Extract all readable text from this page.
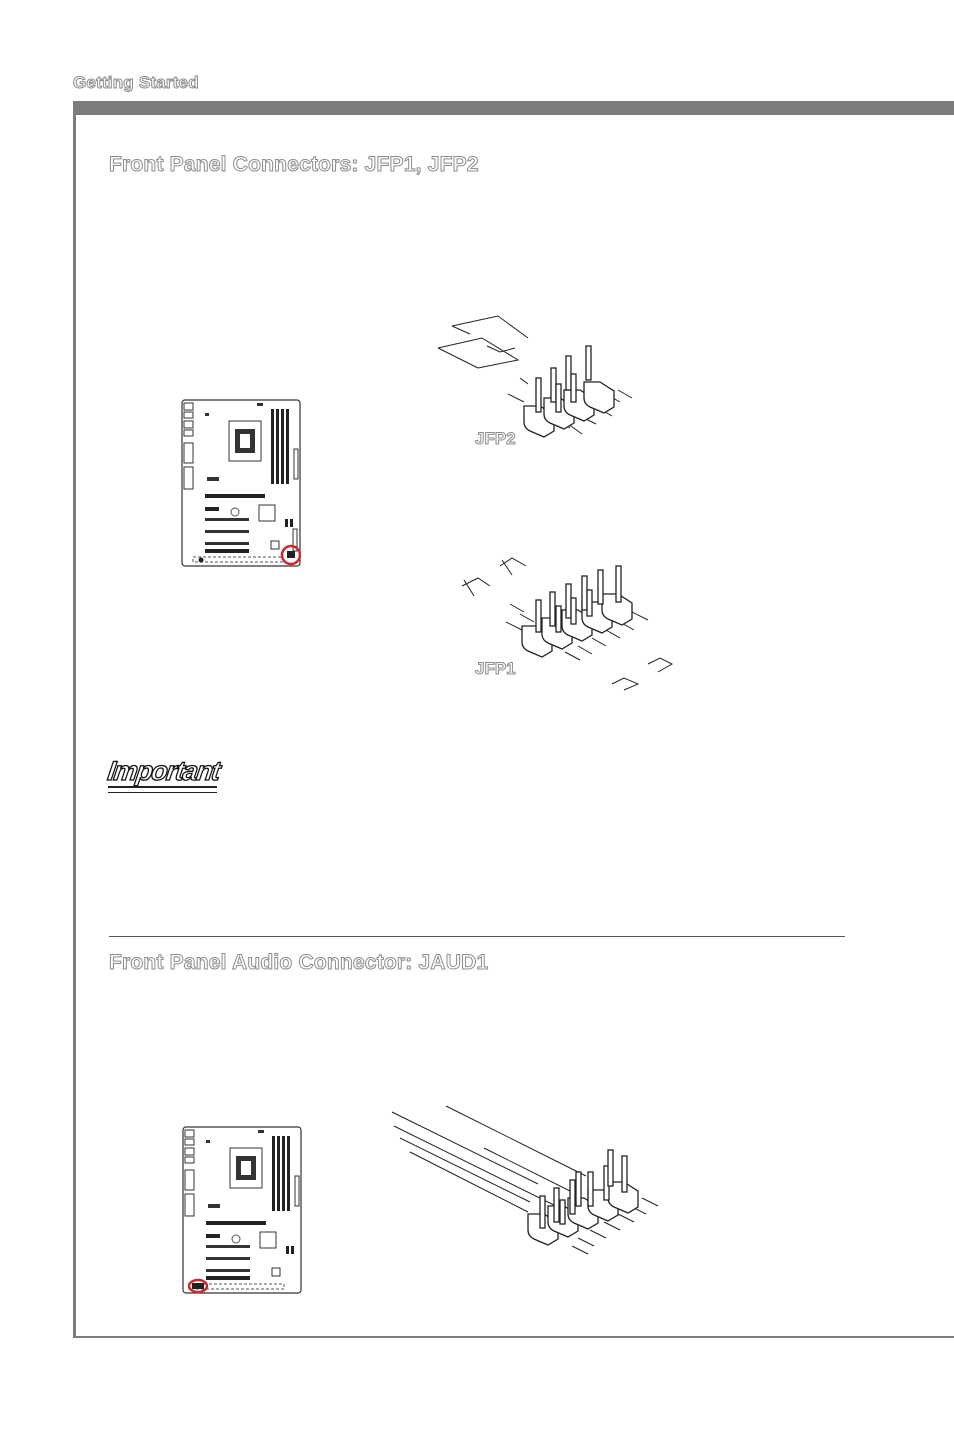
Getting Started
Front Panel Connectors: JFP1, JFP2
JFP2
JFP1
Important
Front Panel Audio Connector: JAUD1
